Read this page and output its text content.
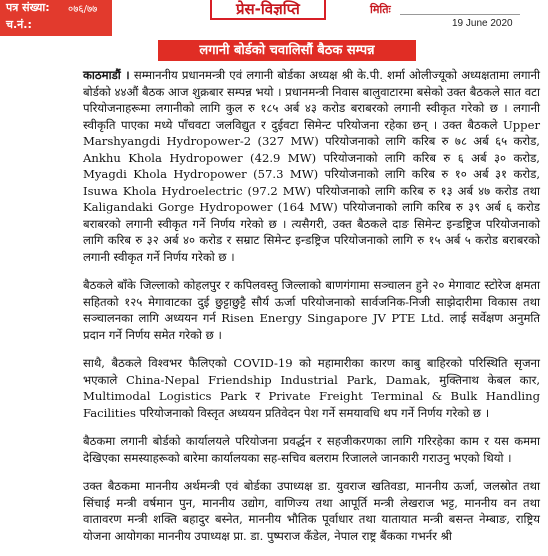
पत्र संख्या: ०७६/७७
च.नं.:
प्रेस-विज्ञप्ति	मितिः
19 June 2020
लगानी बोर्डको चवालिसौं बैठक सम्पन्न

काठमाडौं । सम्माननीय प्रधानमन्त्री एवं लगानी बोर्डका अध्यक्ष श्री के.पी. शर्मा ओलीज्यूको अध्यक्षतामा लगानी बोर्डको ४४औं बैठक आज शुक्रबार सम्पन्न भयो । प्रधानमन्त्री निवास बालुवाटारमा बसेको उक्त बैठकले सात वटा परियोजनाहरूमा लगानीको लागि कुल रु १८५ अर्ब ४३ करोड बराबरको लगानी स्वीकृत गरेको छ । लगानी स्वीकृति पाएका मध्ये पाँचवटा जलविद्युत र दुईवटा सिमेन्ट परियोजना रहेका छन् । उक्त बैठकले Upper Marshyangdi Hydropower-2 (327 MW) परियोजनाको लागि करिब रु ७८ अर्ब ६५ करोड, Ankhu Khola Hydropower (42.9 MW) परियोजनाको लागि करिब रु ६ अर्ब ३० करोड, Myagdi Khola Hydropower (57.3 MW) परियोजनाको लागि करिब रु १० अर्ब ३१ करोड, Isuwa Khola Hydroelectric (97.2 MW) परियोजनाको लागि करिब रु १३ अर्ब ४७ करोड तथा Kaligandaki Gorge Hydropower (164 MW) परियोजनाको लागि करिब रु ३९ अर्ब ६ करोड बराबरको लगानी स्वीकृत गर्ने निर्णय गरेको छ । त्यसैगरी, उक्त बैठकले दाङ सिमेन्ट इन्डष्ट्रिज परियोजनाको लागि करिब रु ३२ अर्ब ४० करोड र सम्राट सिमेन्ट इन्डष्ट्रिज परियोजनाको लागि रु १५ अर्ब ५ करोड बराबरको लगानी स्वीकृत गर्ने निर्णय गरेको छ ।

बैठकले बाँके जिल्लाको कोहलपुर र कपिलवस्तु जिल्लाको बाणगंगामा सञ्चालन हुने २० मेगावाट स्टोरेज क्षमता सहितको १२५ मेगावाटका दुई छुट्टाछुट्टै सौर्य ऊर्जा परियोजनाको सार्वजनिक-निजी साझेदारीमा विकास तथा सञ्चालनका लागि अध्ययन गर्न Risen Energy Singapore JV PTE Ltd. लाई सर्वेक्षण अनुमति प्रदान गर्ने निर्णय समेत गरेको छ ।

साथै, बैठकले विश्वभर फैलिएको COVID-19 को महामारीका कारण काबु बाहिरको परिस्थिति सृजना भएकाले China-Nepal Friendship Industrial Park, Damak, मुक्तिनाथ केबल कार, Multimodal Logistics Park र Private Freight Terminal & Bulk Handling Facilities परियोजनाको विस्तृत अध्ययन प्रतिवेदन पेश गर्ने समयावधि थप गर्ने निर्णय गरेको छ ।

बैठकमा लगानी बोर्डको कार्यालयले परियोजना प्रवर्द्धन र सहजीकरणका लागि गरिरहेका काम र यस कममा देखिएका समस्याहरूको बारेमा कार्यालयका सह-सचिव बलराम रिजालले जानकारी गराउनु भएको थियो ।

उक्त बैठकमा माननीय अर्थमन्त्री एवं बोर्डका उपाध्यक्ष डा. युवराज खतिवडा, माननीय ऊर्जा, जलस्रोत तथा सिंचाई मन्त्री वर्षमान पुन, माननीय उद्योग, वाणिज्य तथा आपूर्ति मन्त्री लेखराज भट्ट, माननीय वन तथा वातावरण मन्त्री शक्ति बहादुर बस्नेत, माननीय भौतिक पूर्वाधार तथा यातायात मन्त्री बसन्त नेम्बाङ, राष्ट्रिय योजना आयोगका माननीय उपाध्यक्ष प्रा. डा. पुष्पराज कँडेल, नेपाल राष्ट्र बैंकका गभर्नर श्री
